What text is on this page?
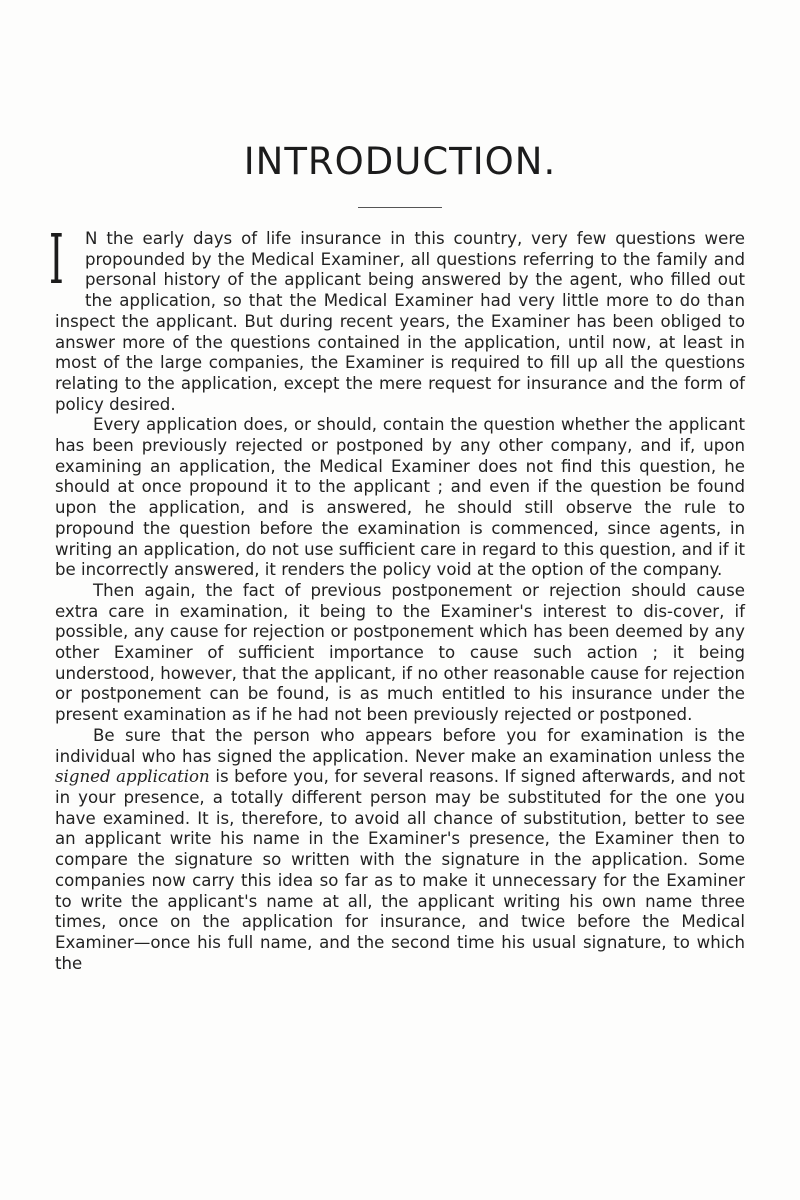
INTRODUCTION.

I N the early days of life insurance in this country, very few questions were propounded by the Medical Examiner, all questions referring to the family and personal history of the applicant being answered by the agent, who filled out the application, so that the Medical Examiner had very little more to do than inspect the applicant. But during recent years, the Examiner has been obliged to answer more of the questions contained in the application, until now, at least in most of the large companies, the Examiner is required to fill up all the questions relating to the application, except the mere request for insurance and the form of policy desired.

Every application does, or should, contain the question whether the applicant has been previously rejected or postponed by any other company, and if, upon examining an application, the Medical Examiner does not find this question, he should at once propound it to the applicant ; and even if the question be found upon the application, and is answered, he should still observe the rule to propound the question before the examination is commenced, since agents, in writing an application, do not use sufficient care in regard to this question, and if it be incorrectly answered, it renders the policy void at the option of the company.

Then again, the fact of previous postponement or rejection should cause extra care in examination, it being to the Examiner's interest to dis-cover, if possible, any cause for rejection or postponement which has been deemed by any other Examiner of sufficient importance to cause such action ; it being understood, however, that the applicant, if no other reasonable cause for rejection or postponement can be found, is as much entitled to his insurance under the present examination as if he had not been previously rejected or postponed.

Be sure that the person who appears before you for examination is the individual who has signed the application. Never make an examination unless the signed application is before you, for several reasons. If signed afterwards, and not in your presence, a totally different person may be substituted for the one you have examined. It is, therefore, to avoid all chance of substitution, better to see an applicant write his name in the Examiner's presence, the Examiner then to compare the signature so written with the signature in the application. Some companies now carry this idea so far as to make it unnecessary for the Examiner to write the applicant's name at all, the applicant writing his own name three times, once on the application for insurance, and twice before the Medical Examiner—once his full name, and the second time his usual signature, to which the
